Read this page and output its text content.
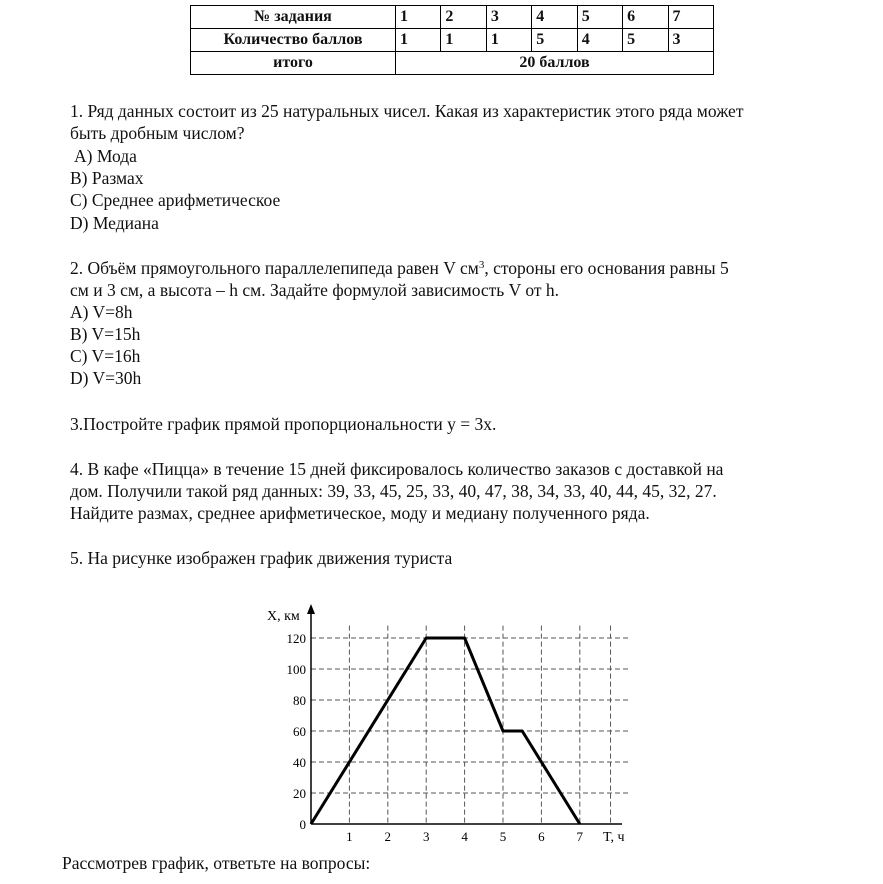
№ задания	1	2	3	4	5	6	7
Количество баллов	1	1	1	5	4	5	3
итого	20 баллов						
1. Ряд данных состоит из 25 натуральных чисел. Какая из характеристик этого ряда может
быть дробным числом?
A) Мода
B) Размах
C) Среднее арифметическое
D) Медиана
2. Объём прямоугольного параллелепипеда равен V $см^3$, стороны его основания равны 5
см и 3 см, а высота – h см. Задайте формулой зависимость V от h.
A) V=8h
B) V=15h
C) V=16h
D) V=30h
3.Постройте график прямой пропорциональности y = 3x.
4. В кафе «Пицца» в течение 15 дней фиксировалось количество заказов с доставкой на
дом. Получили такой ряд данных: 39, 33, 45, 25, 33, 40, 47, 38, 34, 33, 40, 44, 45, 32, 27.
Найдите размах, среднее арифметическое, моду и медиану полученного ряда.
5. На рисунке изображен график движения туриста
Рассмотрев график, ответьте на вопросы:
1 2 3 4 5 6 7
0
20
40
60
80
100
120
X, км
T, ч
